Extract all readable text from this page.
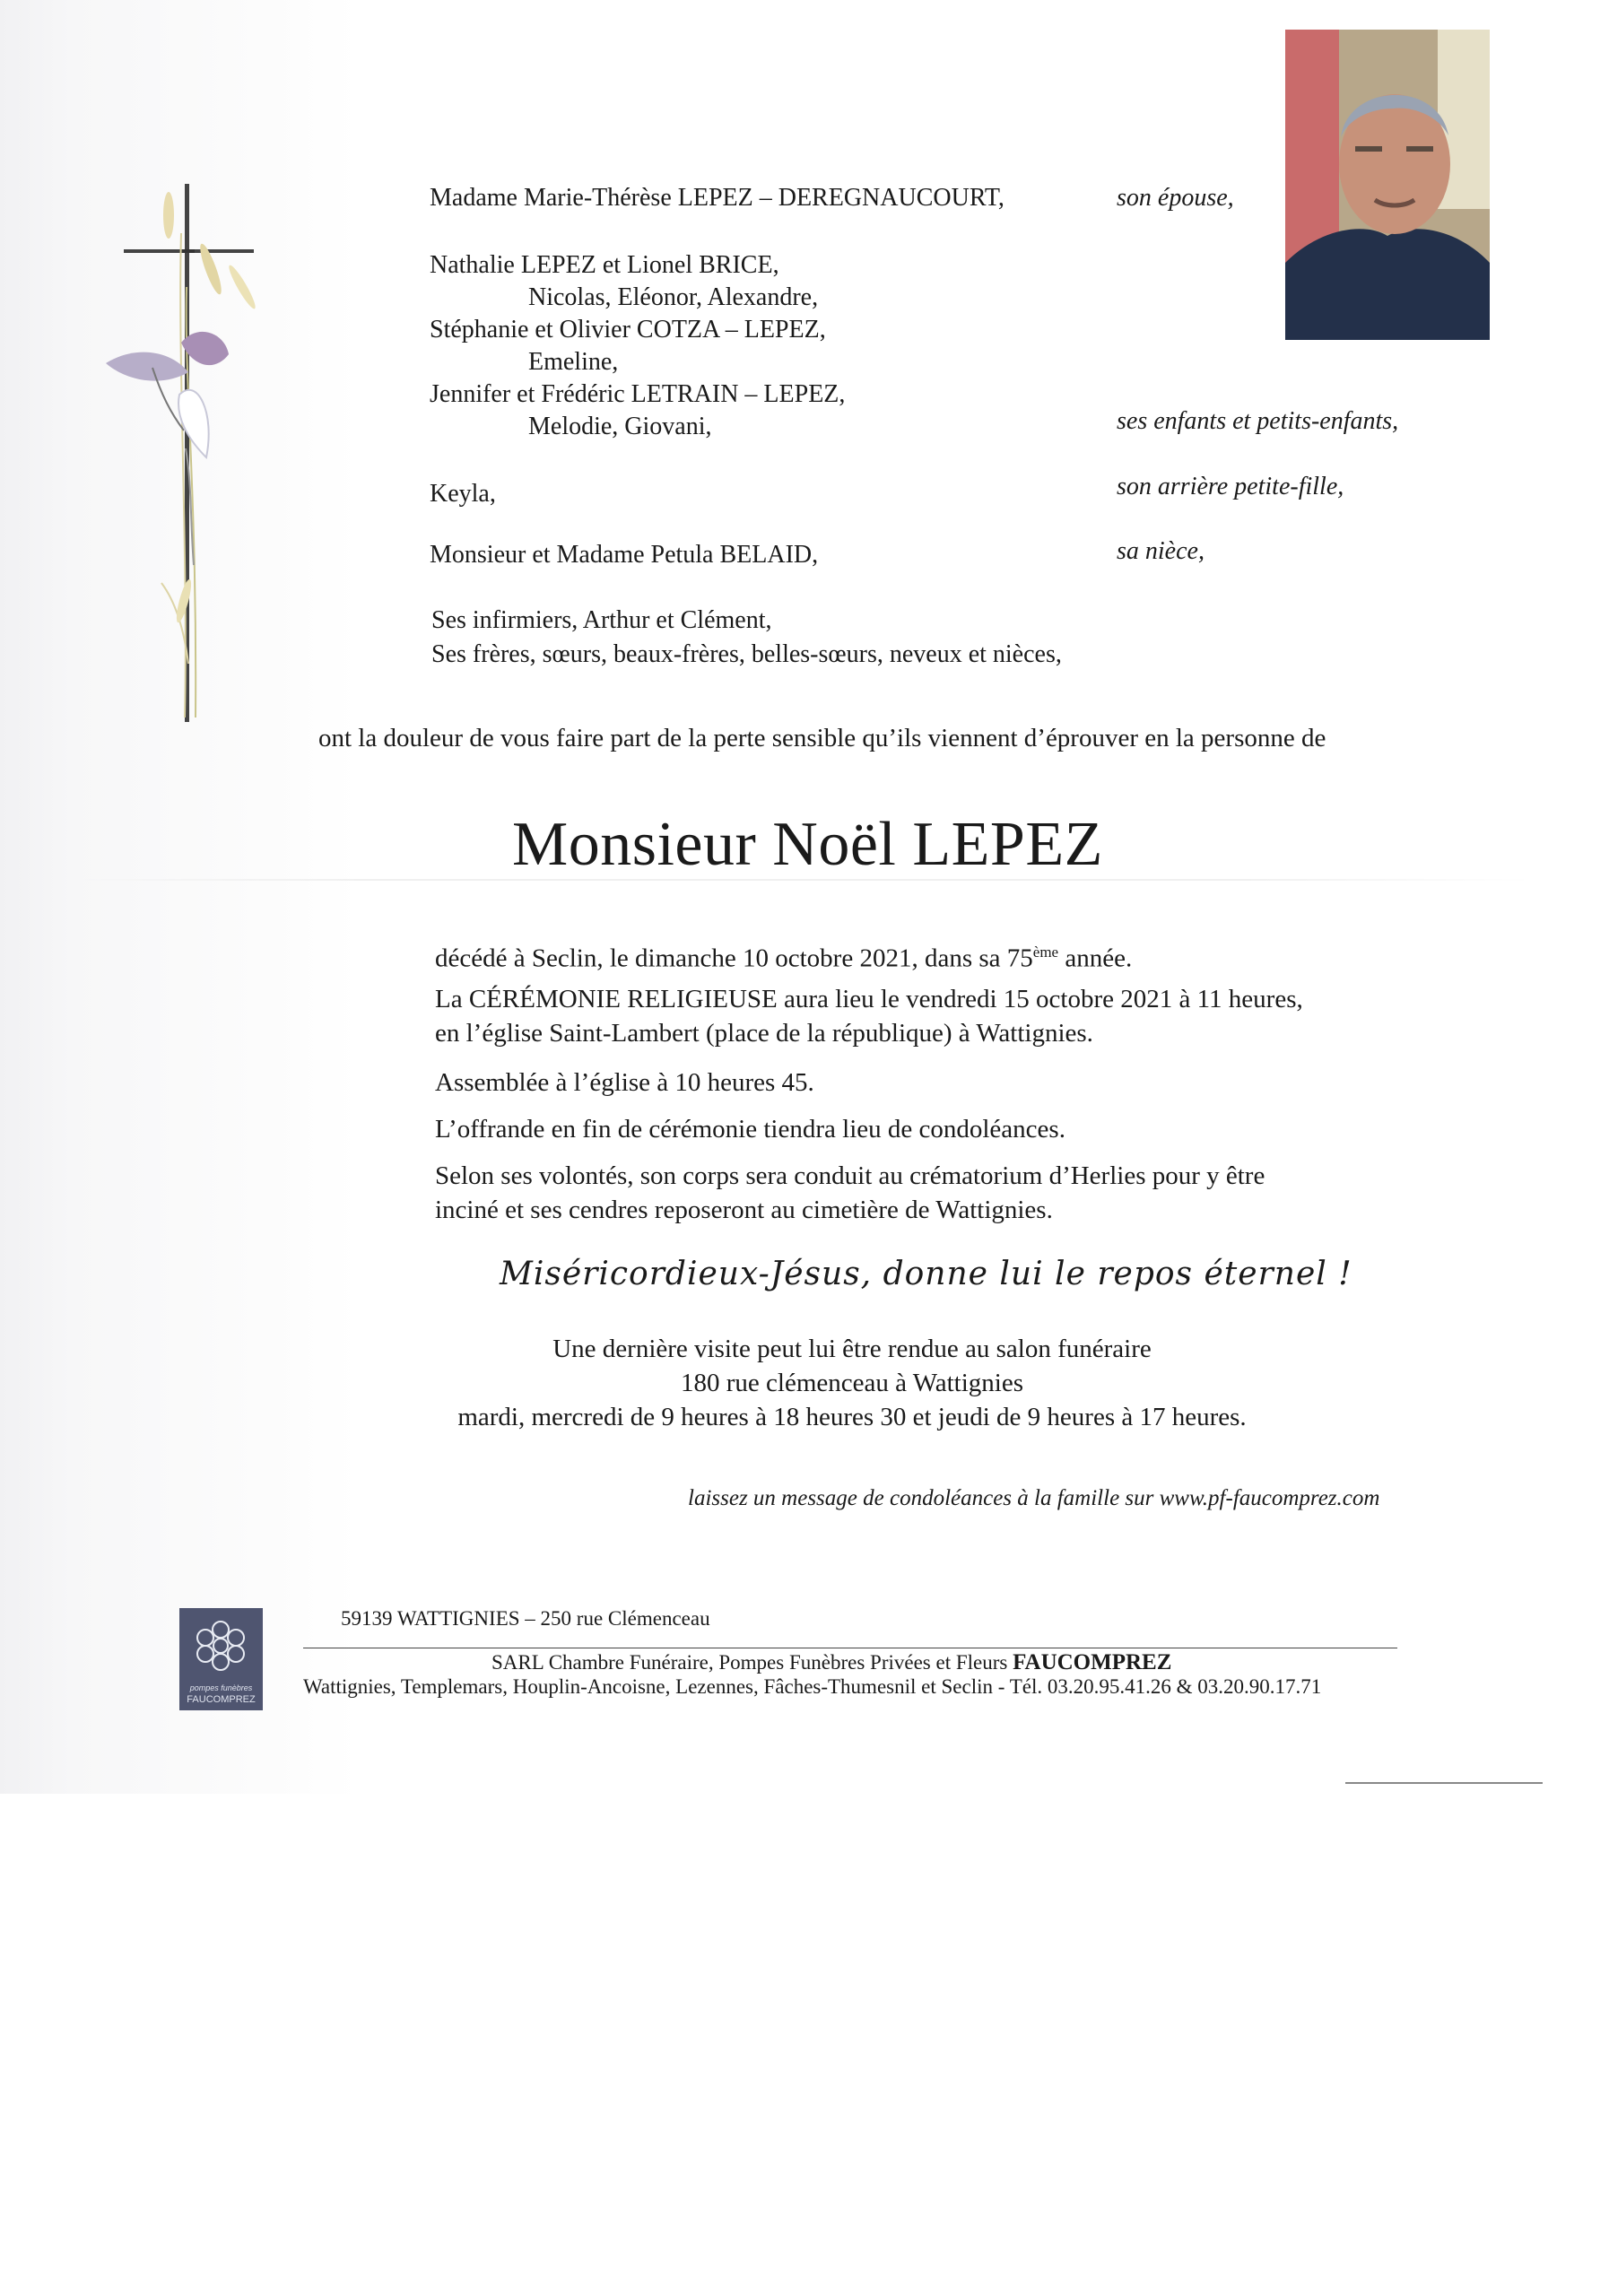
Madame Marie-Thérèse LEPEZ – DEREGNAUCOURT,	son épouse,
Nathalie LEPEZ et Lionel BRICE,
Nicolas, Eléonor, Alexandre,
Stéphanie et Olivier COTZA – LEPEZ,
Emeline,
Jennifer et Frédéric LETRAIN – LEPEZ,
Melodie, Giovani,	ses enfants et petits-enfants,
Keyla,	son arrière petite-fille,
Monsieur et Madame Petula BELAID,	sa nièce,
Ses infirmiers, Arthur et Clément,
Ses frères, sœurs, beaux-frères, belles-sœurs, neveux et nièces,
ont la douleur de vous faire part de la perte sensible qu’ils viennent d’éprouver en la personne de
Monsieur Noël LEPEZ
décédé à Seclin, le dimanche 10 octobre 2021, dans sa 75ème année.
La CÉRÉMONIE RELIGIEUSE aura lieu le vendredi 15 octobre 2021 à 11 heures,
en l’église Saint-Lambert (place de la république) à Wattignies.
Assemblée à l’église à 10 heures 45.
L’offrande en fin de cérémonie tiendra lieu de condoléances.
Selon ses volontés, son corps sera conduit au crématorium d’Herlies pour y être
inciné et ses cendres reposeront au cimetière de Wattignies.
Miséricordieux-Jésus, donne lui le repos éternel !
Une dernière visite peut lui être rendue au salon funéraire
180 rue clémenceau à Wattignies
mardi, mercredi de 9 heures à 18 heures 30 et jeudi de 9 heures à 17 heures.
laissez un message de condoléances à la famille sur www.pf-faucomprez.com
pompes funèbres
FAUCOMPREZ
59139 WATTIGNIES – 250 rue Clémenceau
SARL Chambre Funéraire, Pompes Funèbres Privées et Fleurs FAUCOMPREZ
Wattignies, Templemars, Houplin-Ancoisne, Lezennes, Fâches-Thumesnil et Seclin - Tél. 03.20.95.41.26 & 03.20.90.17.71
